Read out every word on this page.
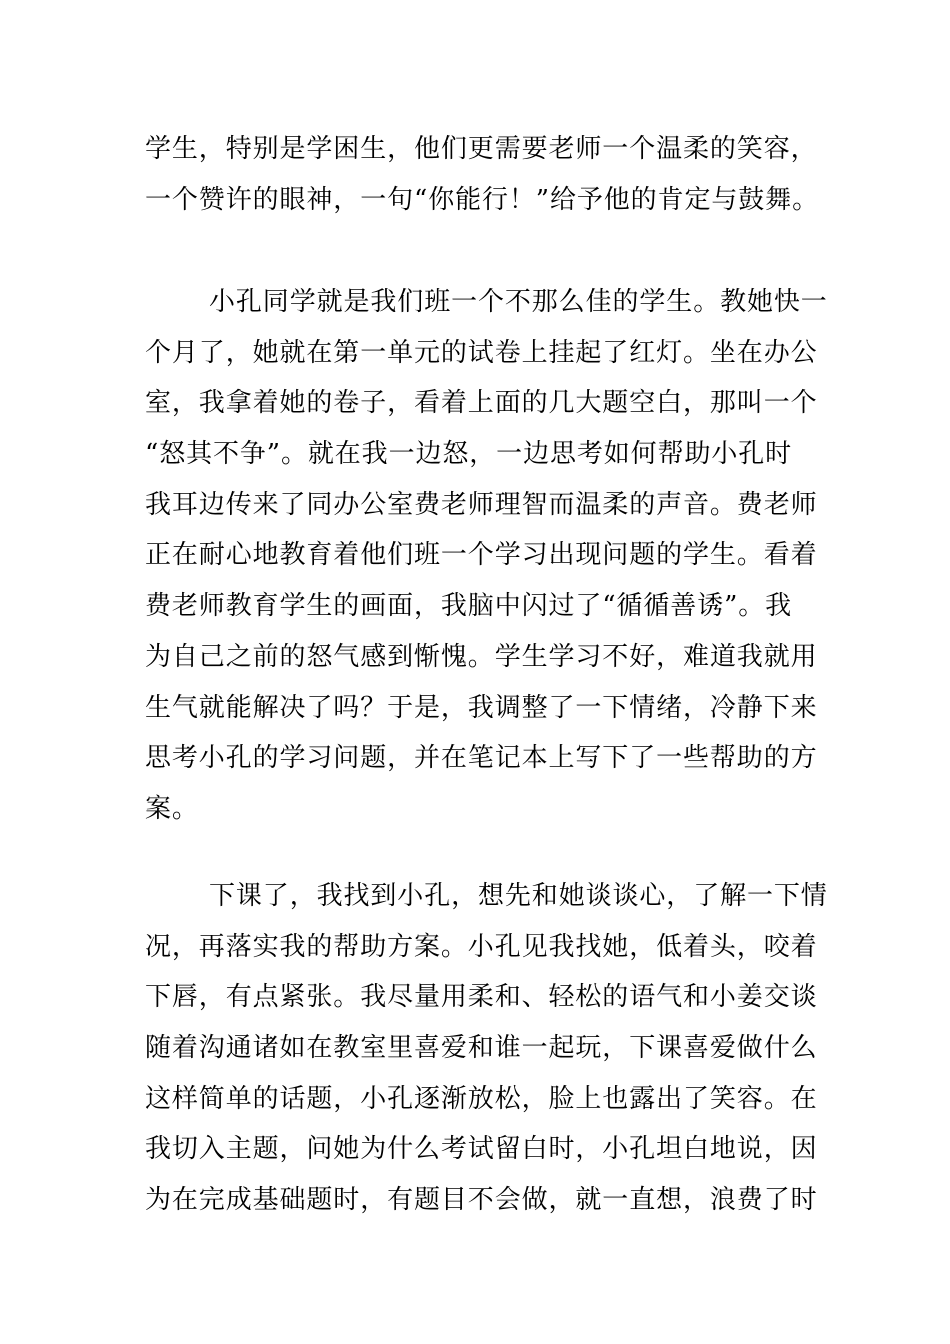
学生，特别是学困生，他们更需要老师一个温柔的笑容，
一个赞许的眼神，一句“你能行！”给予他的肯定与鼓舞。
小孔同学就是我们班一个不那么佳的学生。教她快一
个月了，她就在第一单元的试卷上挂起了红灯。坐在办公
室，我拿着她的卷子，看着上面的几大题空白，那叫一个
“怒其不争”。就在我一边怒，一边思考如何帮助小孔时
我耳边传来了同办公室费老师理智而温柔的声音。费老师
正在耐心地教育着他们班一个学习出现问题的学生。看着
费老师教育学生的画面，我脑中闪过了“循循善诱”。我
为自己之前的怒气感到惭愧。学生学习不好，难道我就用
生气就能解决了吗？于是，我调整了一下情绪，冷静下来
思考小孔的学习问题，并在笔记本上写下了一些帮助的方
案。
下课了，我找到小孔，想先和她谈谈心，了解一下情
况，再落实我的帮助方案。小孔见我找她，低着头，咬着
下唇，有点紧张。我尽量用柔和、轻松的语气和小姜交谈
随着沟通诸如在教室里喜爱和谁一起玩，下课喜爱做什么
这样简单的话题，小孔逐渐放松，脸上也露出了笑容。在
我切入主题，问她为什么考试留白时，小孔坦白地说，因
为在完成基础题时，有题目不会做，就一直想，浪费了时
